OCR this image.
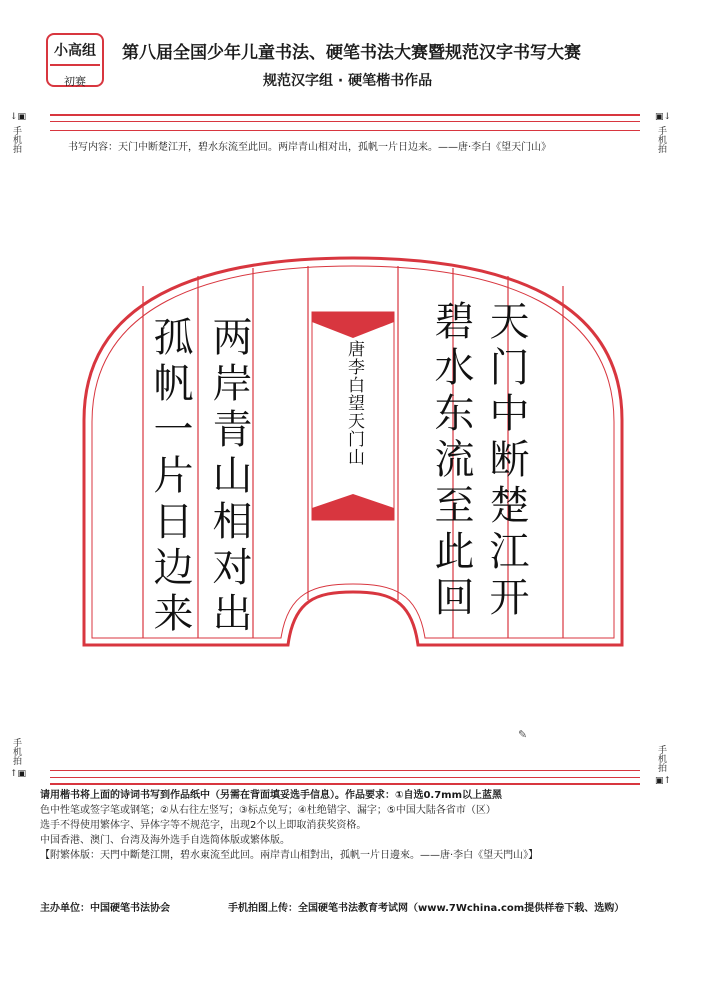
小高组
初赛
第八届全国少年儿童书法、硬笔书法大赛暨规范汉字书写大赛
规范汉字组 · 硬笔楷书作品
↓▣
手机拍
▣↓
手机拍
手机拍
↑▣
手机拍
▣↑
书写内容：天门中断楚江开，碧水东流至此回。两岸青山相对出，孤帆一片日边来。——唐·李白《望天门山》
✎
天门中断楚江开
碧水东流至此回
两岸青山相对出
孤帆一片日边来	唐李白望天门山

请用楷书将上面的诗词书写到作品纸中（另需在背面填妥选手信息）。作品要求：①自选0.7mm以上蓝黑

色中性笔或签字笔或钢笔；②从右往左竖写；③标点免写；④杜绝错字、漏字；⑤中国大陆各省市（区）

选手不得使用繁体字、异体字等不规范字，出现2个以上即取消获奖资格。

中国香港、澳门、台湾及海外选手自选简体版或繁体版。

【附繁体版：天門中斷楚江開，碧水東流至此回。兩岸青山相對出，孤帆一片日邊來。——唐·李白《望天門山》】

主办单位：中国硬笔书法协会	手机拍图上传：全国硬笔书法教育考试网（www.7Wchina.com提供样卷下载、选购）
